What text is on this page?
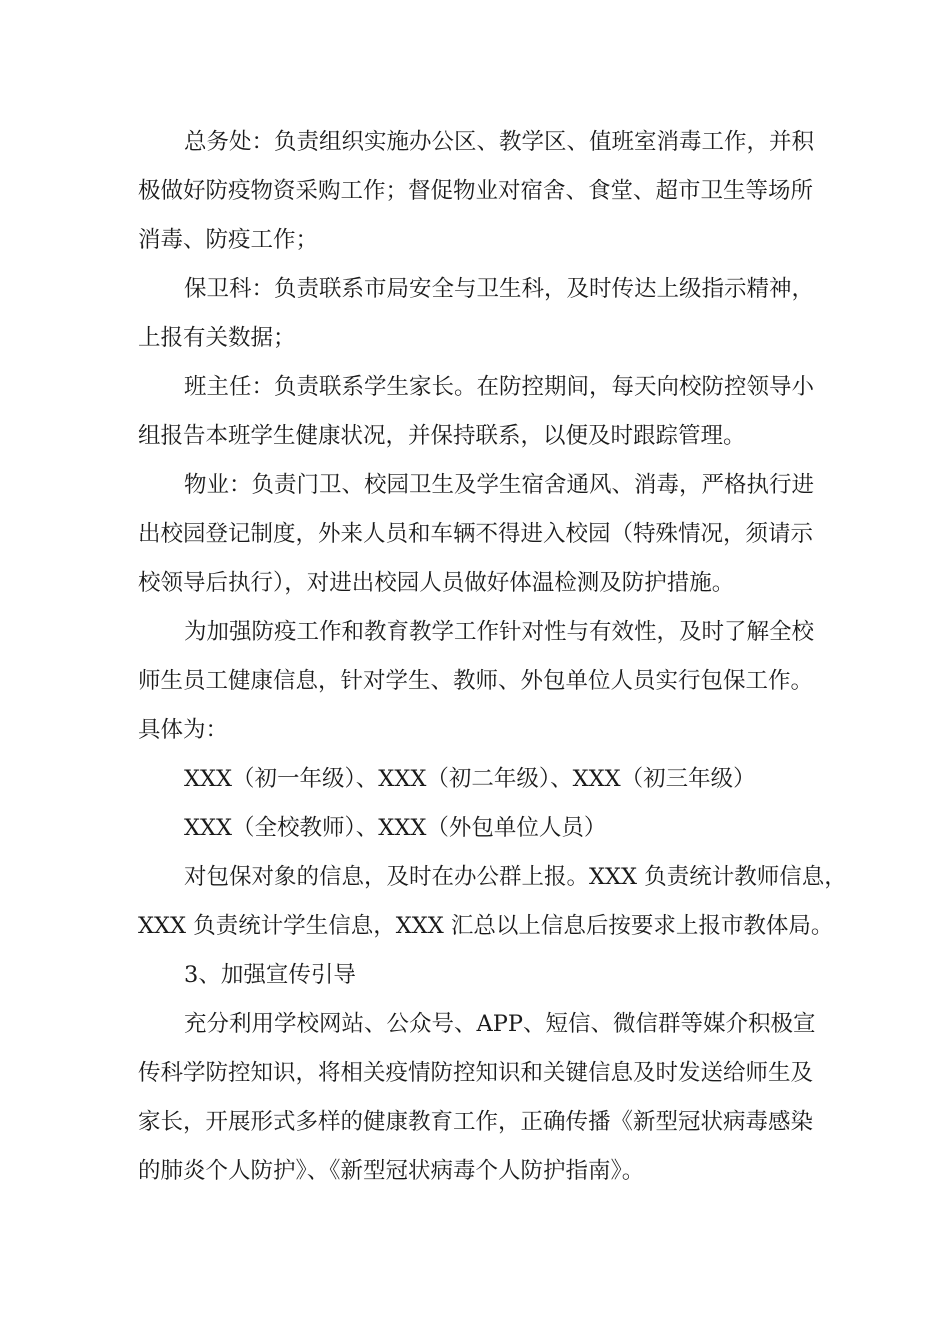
总务处：负责组织实施办公区、教学区、值班室消毒工作，并积
极做好防疫物资采购工作；督促物业对宿舍、食堂、超市卫生等场所
消毒、防疫工作；

保卫科：负责联系市局安全与卫生科，及时传达上级指示精神，
上报有关数据；

班主任：负责联系学生家长。在防控期间，每天向校防控领导小
组报告本班学生健康状况，并保持联系，以便及时跟踪管理。

物业：负责门卫、校园卫生及学生宿舍通风、消毒，严格执行进
出校园登记制度，外来人员和车辆不得进入校园（特殊情况，须请示
校领导后执行），对进出校园人员做好体温检测及防护措施。

为加强防疫工作和教育教学工作针对性与有效性，及时了解全校
师生员工健康信息，针对学生、教师、外包单位人员实行包保工作。
具体为：

XXX（初一年级）、XXX（初二年级）、XXX（初三年级）

XXX（全校教师）、XXX（外包单位人员）

对包保对象的信息，及时在办公群上报。XXX 负责统计教师信息，
XXX 负责统计学生信息，XXX 汇总以上信息后按要求上报市教体局。

3、加强宣传引导

充分利用学校网站、公众号、APP、短信、微信群等媒介积极宣
传科学防控知识，将相关疫情防控知识和关键信息及时发送给师生及
家长，开展形式多样的健康教育工作，正确传播《新型冠状病毒感染
的肺炎个人防护》、《新型冠状病毒个人防护指南》。
